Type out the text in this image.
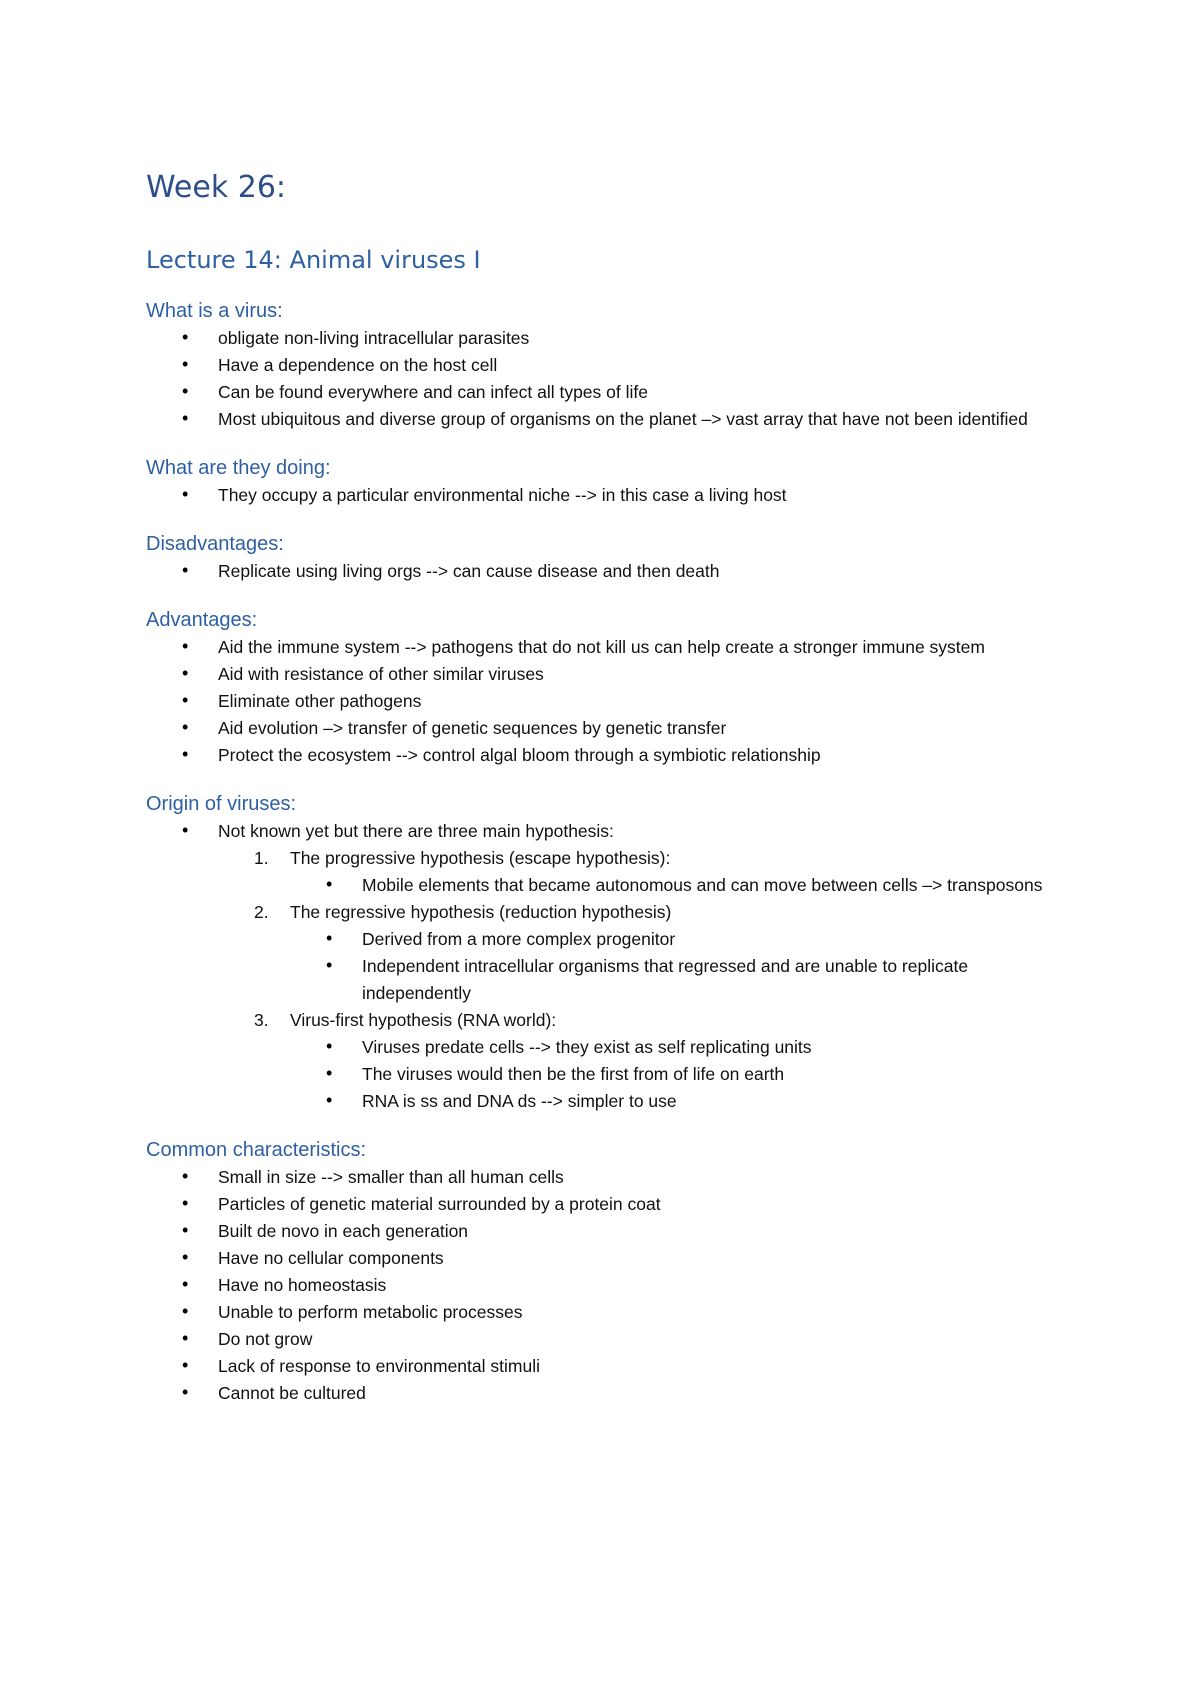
Week 26:
Lecture 14: Animal viruses I
What is a virus:
• obligate non-living intracellular parasites
• Have a dependence on the host cell
• Can be found everywhere and can infect all types of life
• Most ubiquitous and diverse group of organisms on the planet –> vast array that have not been identified
What are they doing:
• They occupy a particular environmental niche --> in this case a living host
Disadvantages:
• Replicate using living orgs --> can cause disease and then death
Advantages:
• Aid the immune system --> pathogens that do not kill us can help create a stronger immune system
• Aid with resistance of other similar viruses
• Eliminate other pathogens
• Aid evolution –> transfer of genetic sequences by genetic transfer
• Protect the ecosystem --> control algal bloom through a symbiotic relationship
Origin of viruses:
• Not known yet but there are three main hypothesis:
1. The progressive hypothesis (escape hypothesis):
• Mobile elements that became autonomous and can move between cells –> transposons
2. The regressive hypothesis (reduction hypothesis)
• Derived from a more complex progenitor
• Independent intracellular organisms that regressed and are unable to replicate independently
3. Virus-first hypothesis (RNA world):
• Viruses predate cells --> they exist as self replicating units
• The viruses would then be the first from of life on earth
• RNA is ss and DNA ds --> simpler to use
Common characteristics:
• Small in size --> smaller than all human cells
• Particles of genetic material surrounded by a protein coat
• Built de novo in each generation
• Have no cellular components
• Have no homeostasis
• Unable to perform metabolic processes
• Do not grow
• Lack of response to environmental stimuli
• Cannot be cultured
